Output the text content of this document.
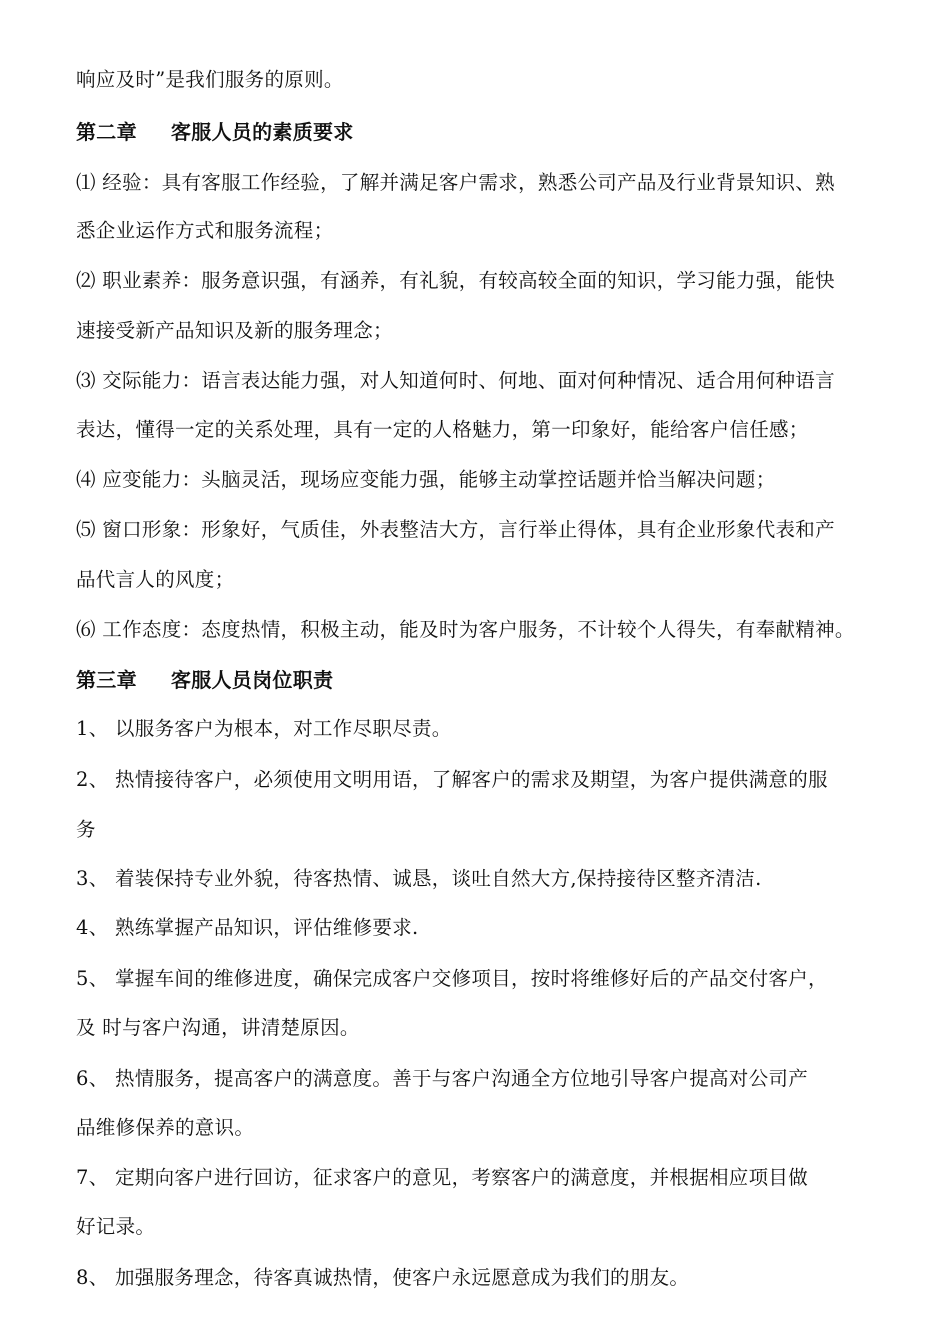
响应及时”是我们服务的原则。
第二章 客服人员的素质要求
⑴ 经验：具有客服工作经验，了解并满足客户需求，熟悉公司产品及行业背景知识、熟
悉企业运作方式和服务流程；
⑵ 职业素养：服务意识强，有涵养，有礼貌，有较高较全面的知识，学习能力强，能快
速接受新产品知识及新的服务理念；
⑶ 交际能力：语言表达能力强，对人知道何时、何地、面对何种情况、适合用何种语言
表达，懂得一定的关系处理，具有一定的人格魅力，第一印象好，能给客户信任感；
⑷ 应变能力：头脑灵活，现场应变能力强，能够主动掌控话题并恰当解决问题；
⑸ 窗口形象：形象好，气质佳，外表整洁大方，言行举止得体，具有企业形象代表和产
品代言人的风度；
⑹ 工作态度：态度热情，积极主动，能及时为客户服务，不计较个人得失，有奉献精神。
第三章 客服人员岗位职责
1、 以服务客户为根本，对工作尽职尽责。
2、 热情接待客户，必须使用文明用语，了解客户的需求及期望，为客户提供满意的服
务
3、 着装保持专业外貌，待客热情、诚恳，谈吐自然大方,保持接待区整齐清洁.
4、 熟练掌握产品知识，评估维修要求.
5、 掌握车间的维修进度，确保完成客户交修项目，按时将维修好后的产品交付客户，
及 时与客户沟通，讲清楚原因。
6、 热情服务，提高客户的满意度。善于与客户沟通全方位地引导客户提高对公司产
品维修保养的意识。
7、 定期向客户进行回访，征求客户的意见，考察客户的满意度，并根据相应项目做
好记录。
8、 加强服务理念，待客真诚热情，使客户永远愿意成为我们的朋友。
